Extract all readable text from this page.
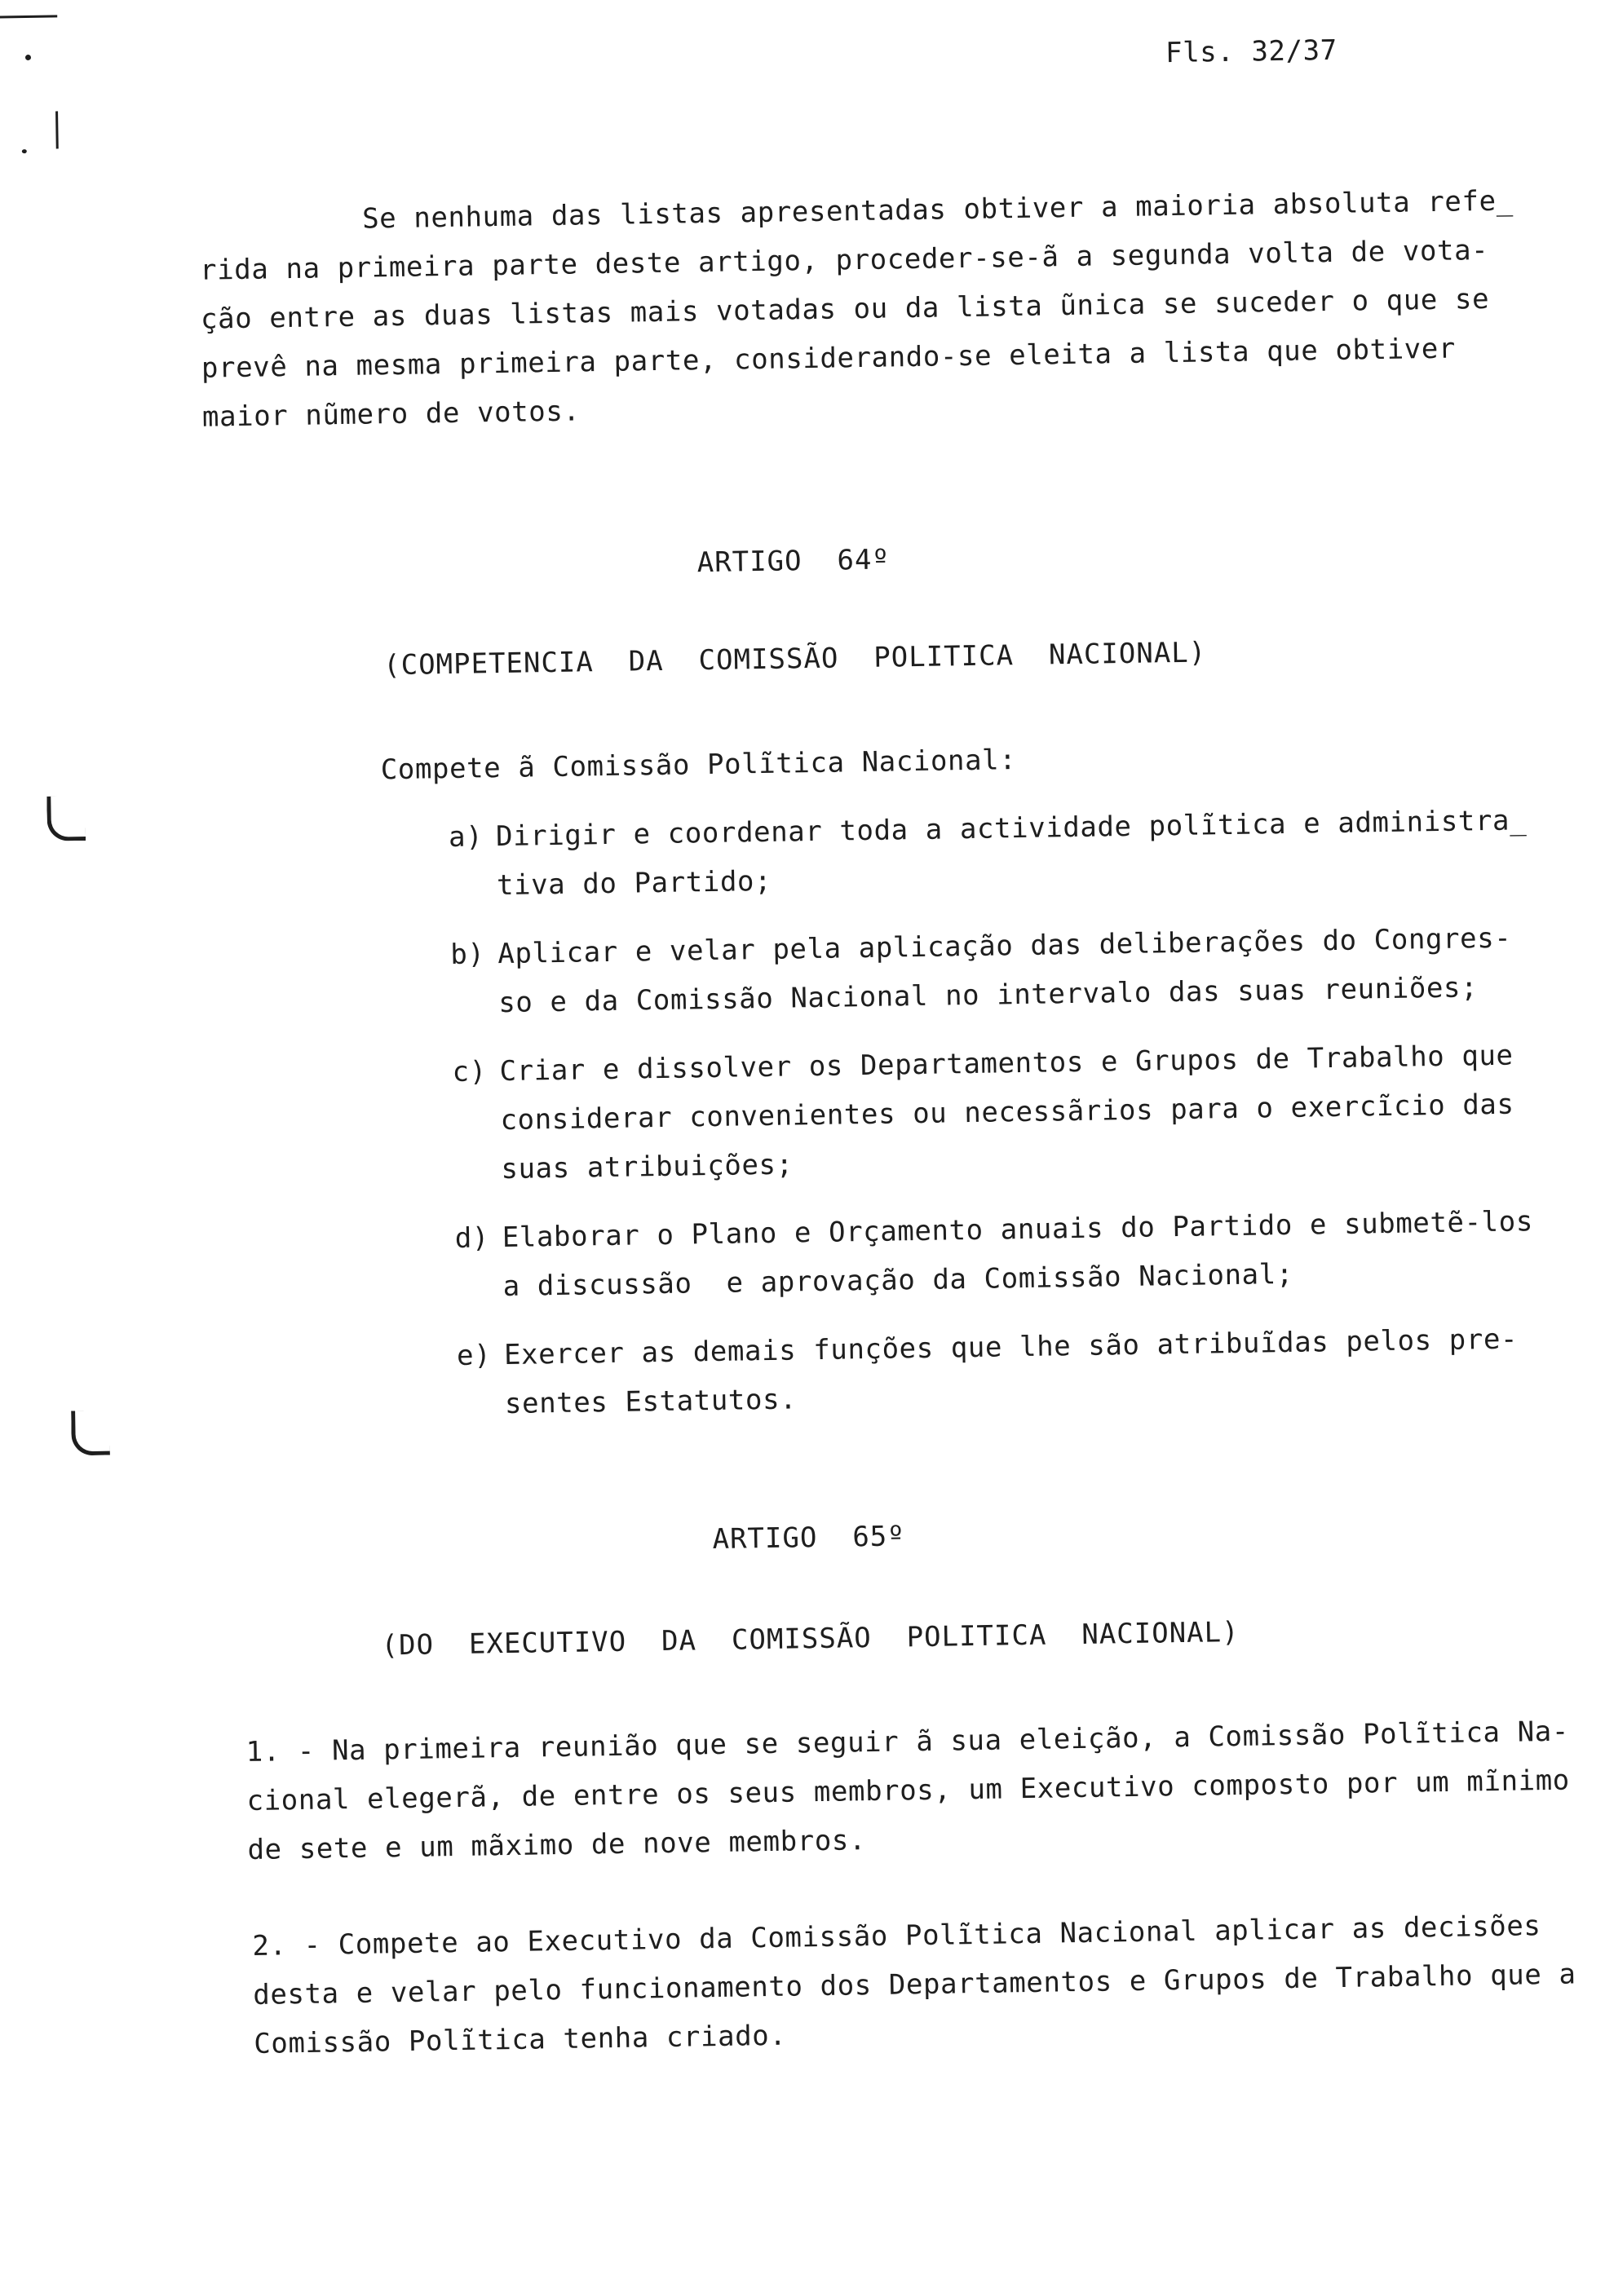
Fls. 32/37
Se nenhuma das listas apresentadas obtiver a maioria absoluta refe_
rida na primeira parte deste artigo, proceder-se-ã a segunda volta de vota-
ção entre as duas listas mais votadas ou da lista ũnica se suceder o que se
prevê na mesma primeira parte, considerando-se eleita a lista que obtiver
maior nũmero de votos.
ARTIGO  64º
(COMPETENCIA  DA  COMISSÃO  POLITICA  NACIONAL)
Compete ã Comissão Polĩtica Nacional:
a) Dirigir e coordenar toda a actividade polĩtica e administra_
tiva do Partido;
b) Aplicar e velar pela aplicação das deliberações do Congres-
so e da Comissão Nacional no intervalo das suas reuniões;
c) Criar e dissolver os Departamentos e Grupos de Trabalho que
considerar convenientes ou necessãrios para o exercĩcio das
suas atribuições;
d) Elaborar o Plano e Orçamento anuais do Partido e submetẽ-los
a discussão  e aprovação da Comissão Nacional;
e) Exercer as demais funções que lhe são atribuĩdas pelos pre-
sentes Estatutos.
ARTIGO  65º
(DO  EXECUTIVO  DA  COMISSÃO  POLITICA  NACIONAL)
1. - Na primeira reunião que se seguir ã sua eleição, a Comissão Polĩtica Na-
cional elegerã, de entre os seus membros, um Executivo composto por um mĩnimo
de sete e um mãximo de nove membros.
2. - Compete ao Executivo da Comissão Polĩtica Nacional aplicar as decisões
desta e velar pelo funcionamento dos Departamentos e Grupos de Trabalho que a
Comissão Polĩtica tenha criado.
